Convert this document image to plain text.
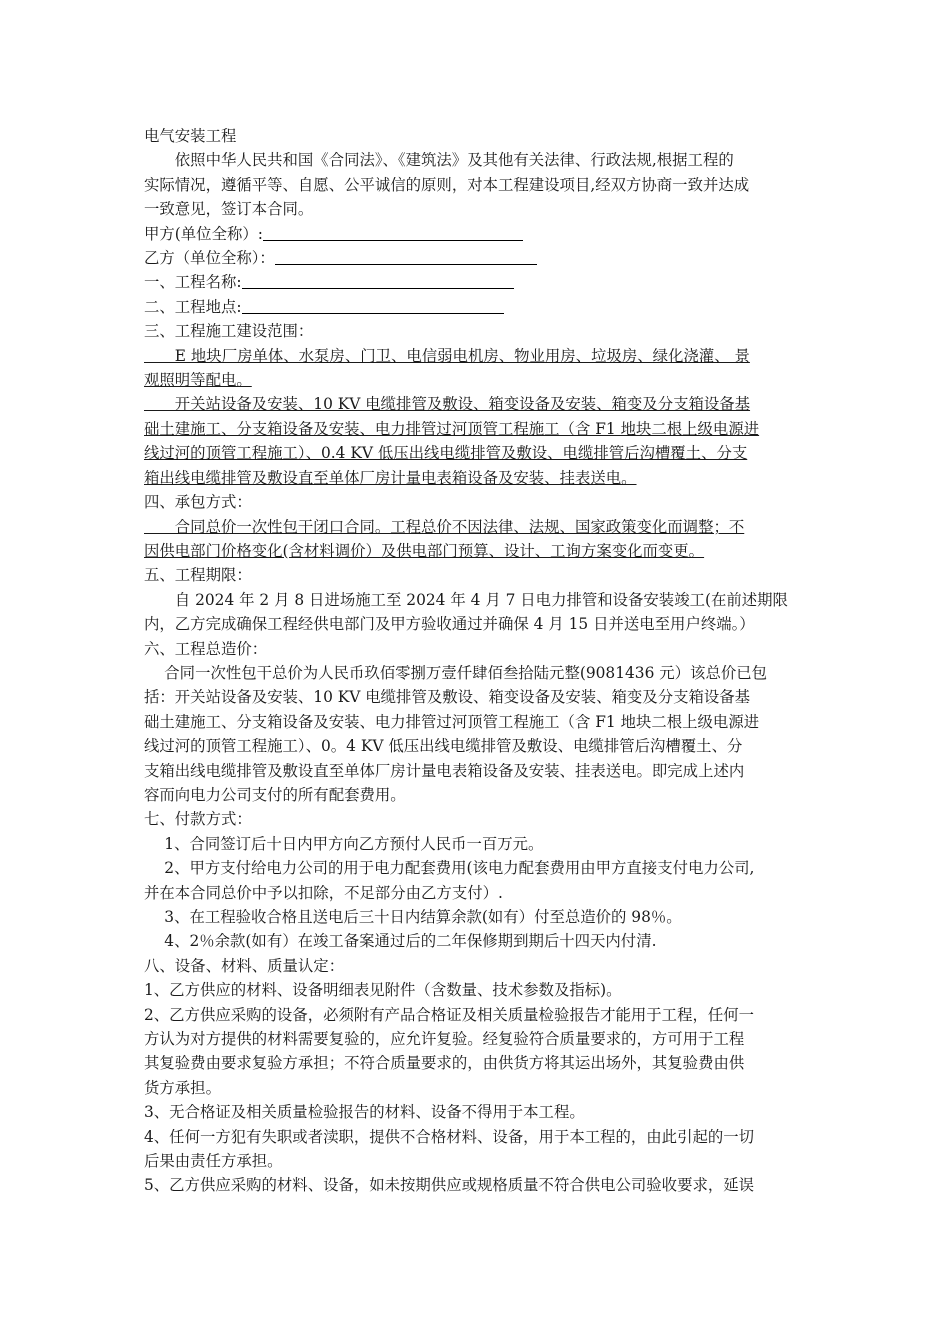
电气安装工程
　　依照中华人民共和国《合同法》、《建筑法》及其他有关法律、行政法规,根据工程的
实际情况，遵循平等、自愿、公平诚信的原则，对本工程建设项目,经双方协商一致并达成
一致意见，签订本合同。
甲方(单位全称）:
乙方（单位全称）：
一、工程名称:
二、工程地点:
三、工程施工建设范围：
　　E 地块厂房单体、水泵房、门卫、电信弱电机房、物业用房、垃圾房、绿化浇灌、 景
观照明等配电。
　　开关站设备及安装、10 KV 电缆排管及敷设、箱变设备及安装、箱变及分支箱设备基
础土建施工、分支箱设备及安装、电力排管过河顶管工程施工（含 F1 地块二根上级电源进
线过河的顶管工程施工）、0.4 KV 低压出线电缆排管及敷设、电缆排管后沟槽覆土、分支
箱出线电缆排管及敷设直至单体厂房计量电表箱设备及安装、挂表送电。
四、承包方式：
　　合同总价一次性包干闭口合同。工程总价不因法律、法规、国家政策变化而调整；不
因供电部门价格变化(含材料调价）及供电部门预算、设计、工询方案变化而变更。
五、工程期限：
　　自 2024 年 2 月 8 日进场施工至 2024 年 4 月 7 日电力排管和设备安装竣工(在前述期限
内，乙方完成确保工程经供电部门及甲方验收通过并确保 4 月 15 日并送电至用户终端。）
六、工程总造价：
　 合同一次性包干总价为人民币玖佰零捌万壹仟肆佰叁拾陆元整(9081436 元）该总价已包
括：开关站设备及安装、10 KV 电缆排管及敷设、箱变设备及安装、箱变及分支箱设备基
础土建施工、分支箱设备及安装、电力排管过河顶管工程施工（含 F1 地块二根上级电源进
线过河的顶管工程施工）、0。4 KV 低压出线电缆排管及敷设、电缆排管后沟槽覆土、分
支箱出线电缆排管及敷设直至单体厂房计量电表箱设备及安装、挂表送电。即完成上述内
容而向电力公司支付的所有配套费用。
七、付款方式：
　 1、合同签订后十日内甲方向乙方预付人民币一百万元。
　 2、甲方支付给电力公司的用于电力配套费用(该电力配套费用由甲方直接支付电力公司,
并在本合同总价中予以扣除，不足部分由乙方支付）.
　 3、在工程验收合格且送电后三十日内结算余款(如有）付至总造价的 98％。
　 4、2％余款(如有）在竣工备案通过后的二年保修期到期后十四天内付清.
八、设备、材料、质量认定：
1、乙方供应的材料、设备明细表见附件（含数量、技术参数及指标)。
2、乙方供应采购的设备，必须附有产品合格证及相关质量检验报告才能用于工程，任何一
方认为对方提供的材料需要复验的，应允许复验。经复验符合质量要求的，方可用于工程
其复验费由要求复验方承担；不符合质量要求的，由供货方将其运出场外，其复验费由供
货方承担。
3、无合格证及相关质量检验报告的材料、设备不得用于本工程。
4、任何一方犯有失职或者渎职，提供不合格材料、设备，用于本工程的，由此引起的一切
后果由责任方承担。
5、乙方供应采购的材料、设备，如未按期供应或规格质量不符合供电公司验收要求，延误
